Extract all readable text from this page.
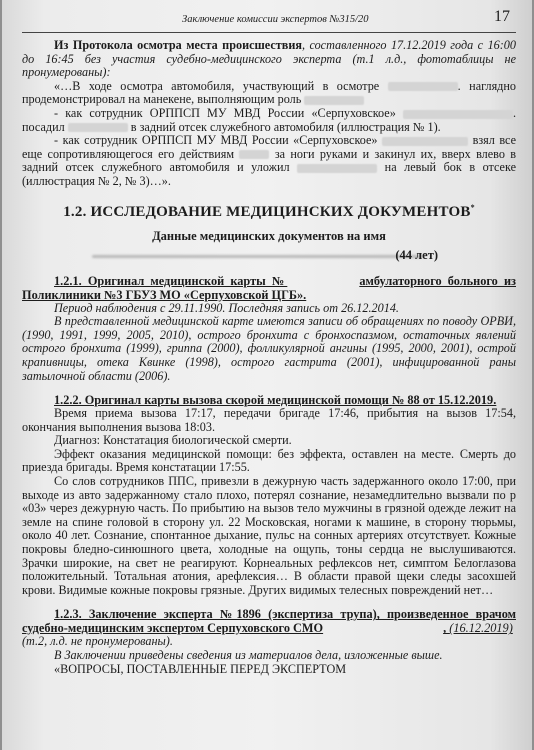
Заключение комиссии экспертов №315/20	17

Из Протокола осмотра места происшествия, составленного 17.12.2019 года с 16:00 до 16:45 без участия судебно-медицинского эксперта (т.1 л.д., фототаблицы не пронумерованы):

«…В ходе осмотра автомобиля, участвующий в осмотре	. наглядно продемонстрировал на манекене, выполняющим роль

- как сотрудник ОРППСП МУ МВД России «Серпуховское»	. посадил	в задний отсек служебного автомобиля (иллюстрация № 1).

- как сотрудник ОРППСП МУ МВД России «Серпуховское»	взял все еще сопротивляющегося его действиям	за ноги руками и закинул их, вверх влево в задний отсек служебного автомобиля и уложил	на левый бок в отсеке (иллюстрация № 2, № 3)…».

1.2. ИССЛЕДОВАНИЕ МЕДИЦИНСКИХ ДОКУМЕНТОВ*
Данные медицинских документов на имя
(44 лет)

1.2.1. Оригинал медицинской карты №	амбулаторного больного из Поликлиники №3 ГБУЗ МО «Серпуховской ЦГБ».

Период наблюдения с 29.11.1990. Последняя запись от 26.12.2014.

В представленной медицинской карте имеются записи об обращениях по поводу ОРВИ, (1990, 1991, 1999, 2005, 2010), острого бронхита с бронхоспазмом, остаточных явлений острого бронхита (1999), гриппа (2000), фолликулярной ангины (1995, 2000, 2001), острой крапивницы, отека Квинке (1998), острого гастрита (2001), инфицированной раны затылочной области (2006).

1.2.2. Оригинал карты вызова скорой медицинской помощи № 88 от 15.12.2019.

Время приема вызова 17:17, передачи бригаде 17:46, прибытия на вызов 17:54, окончания выполнения вызова 18:03.

Диагноз: Констатация биологической смерти.

Эффект оказания медицинской помощи: без эффекта, оставлен на месте. Смерть до приезда бригады. Время констатации 17:55.

Со слов сотрудников ППС, привезли в дежурную часть задержанного около 17:00, при выходе из авто задержанному стало плохо, потерял сознание, незамедлительно вызвали по р «03» через дежурную часть. По прибытию на вызов тело мужчины в грязной одежде лежит на земле на спине головой в сторону ул. 22 Московская, ногами к машине, в сторону тюрьмы, около 40 лет. Сознание, спонтанное дыхание, пульс на сонных артериях отсутствует. Кожные покровы бледно-синюшного цвета, холодные на ощупь, тоны сердца не выслушиваются. Зрачки широкие, на свет не реагируют. Корнеальных рефлексов нет, симптом Белоглазова положительный. Тотальная атония, арефлексия… В области правой щеки следы засохшей крови. Видимые кожные покровы грязные. Других видимых телесных повреждений нет…

1.2.3. Заключение эксперта №1896 (экспертиза трупа), произведенное врачом судебно-медицинским экспертом Серпуховского СМО	, (16.12.2019)

(т.2, л.д. не пронумерованы).

В Заключении приведены сведения из материалов дела, изложенные выше.

«ВОПРОСЫ, ПОСТАВЛЕННЫЕ ПЕРЕД ЭКСПЕРТОМ
